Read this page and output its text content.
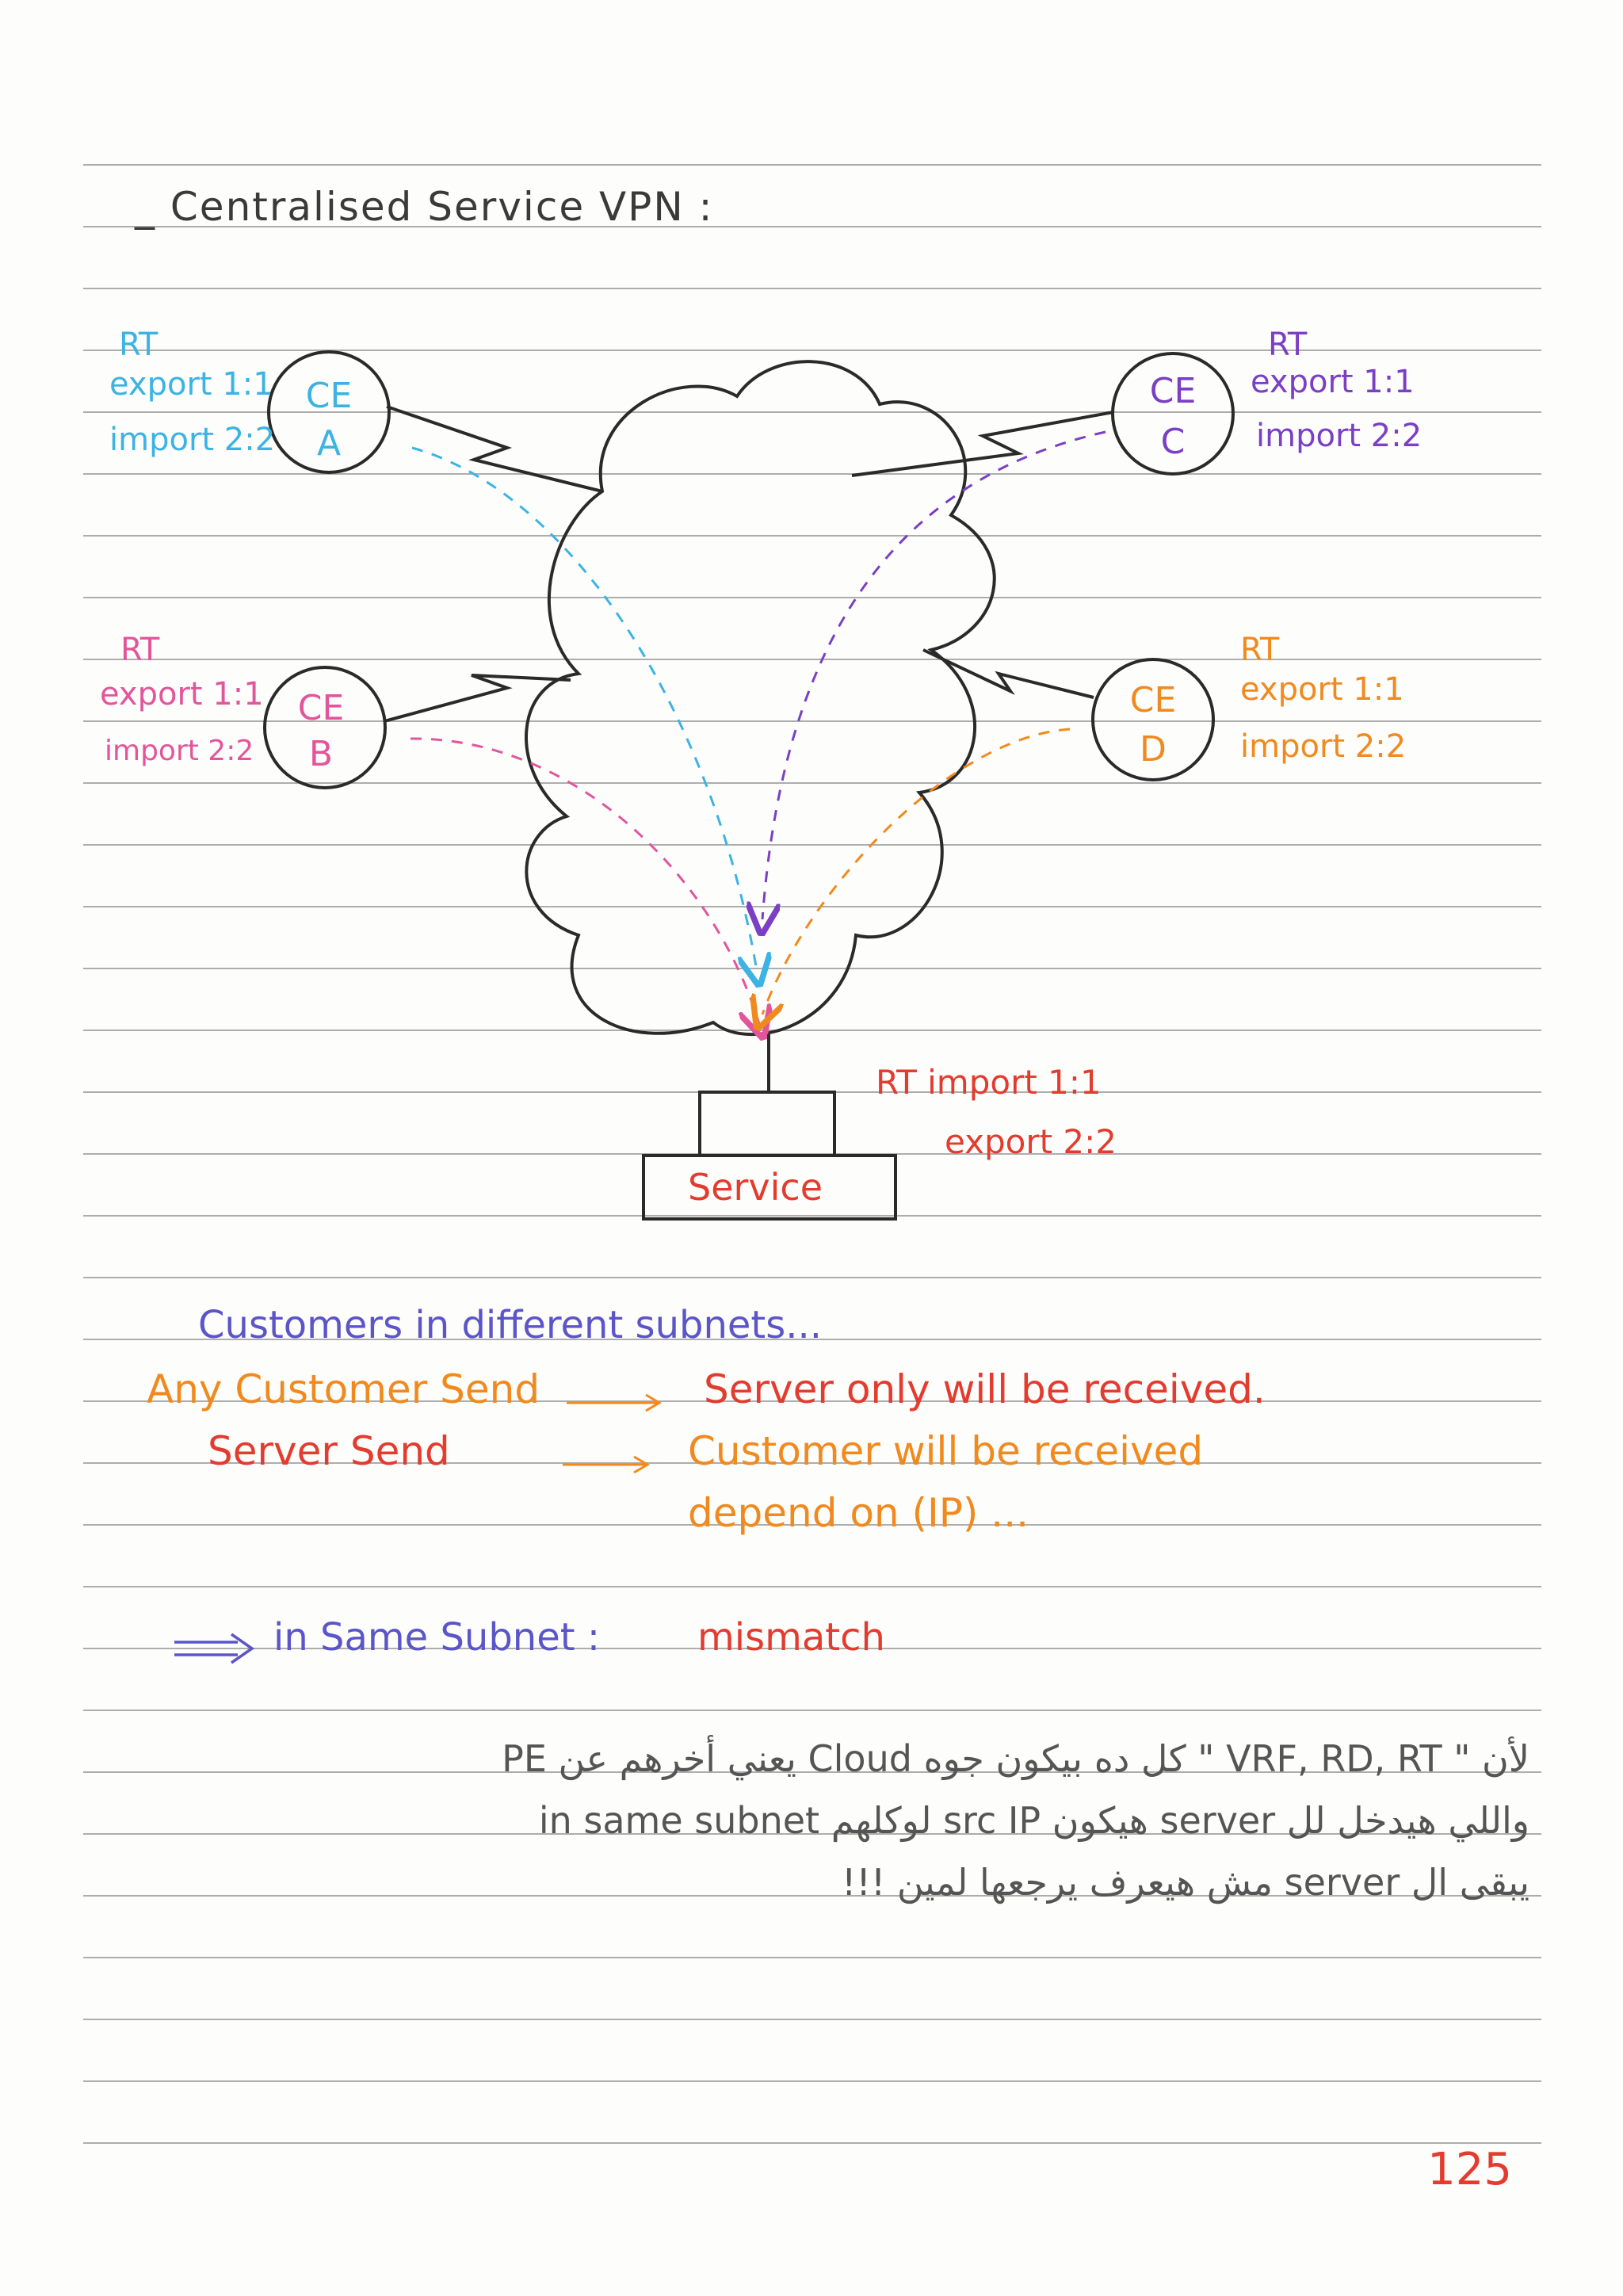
_ Centralised Service VPN :
RT
export 1:1
import 2:2
CE
A
RT
export 1:1
import 2:2
CE
B
RT
export 1:1
import 2:2
CE
C
RT
export 1:1
import 2:2
CE
D
Service
RT import 1:1
export 2:2
Customers in different subnets...
Any Customer Send	Server only will be received.
Server Send	Customer will be received
depend on (IP) ...
in Same Subnet :	mismatch
لأن " VRF, RD, RT " كل ده بيكون جوه Cloud يعني أخرهم عن PE
واللي هيدخل لل server هيكون src IP لوكلهم in same subnet
يبقى ال server مش هيعرف يرجعها لمين !!!
125
